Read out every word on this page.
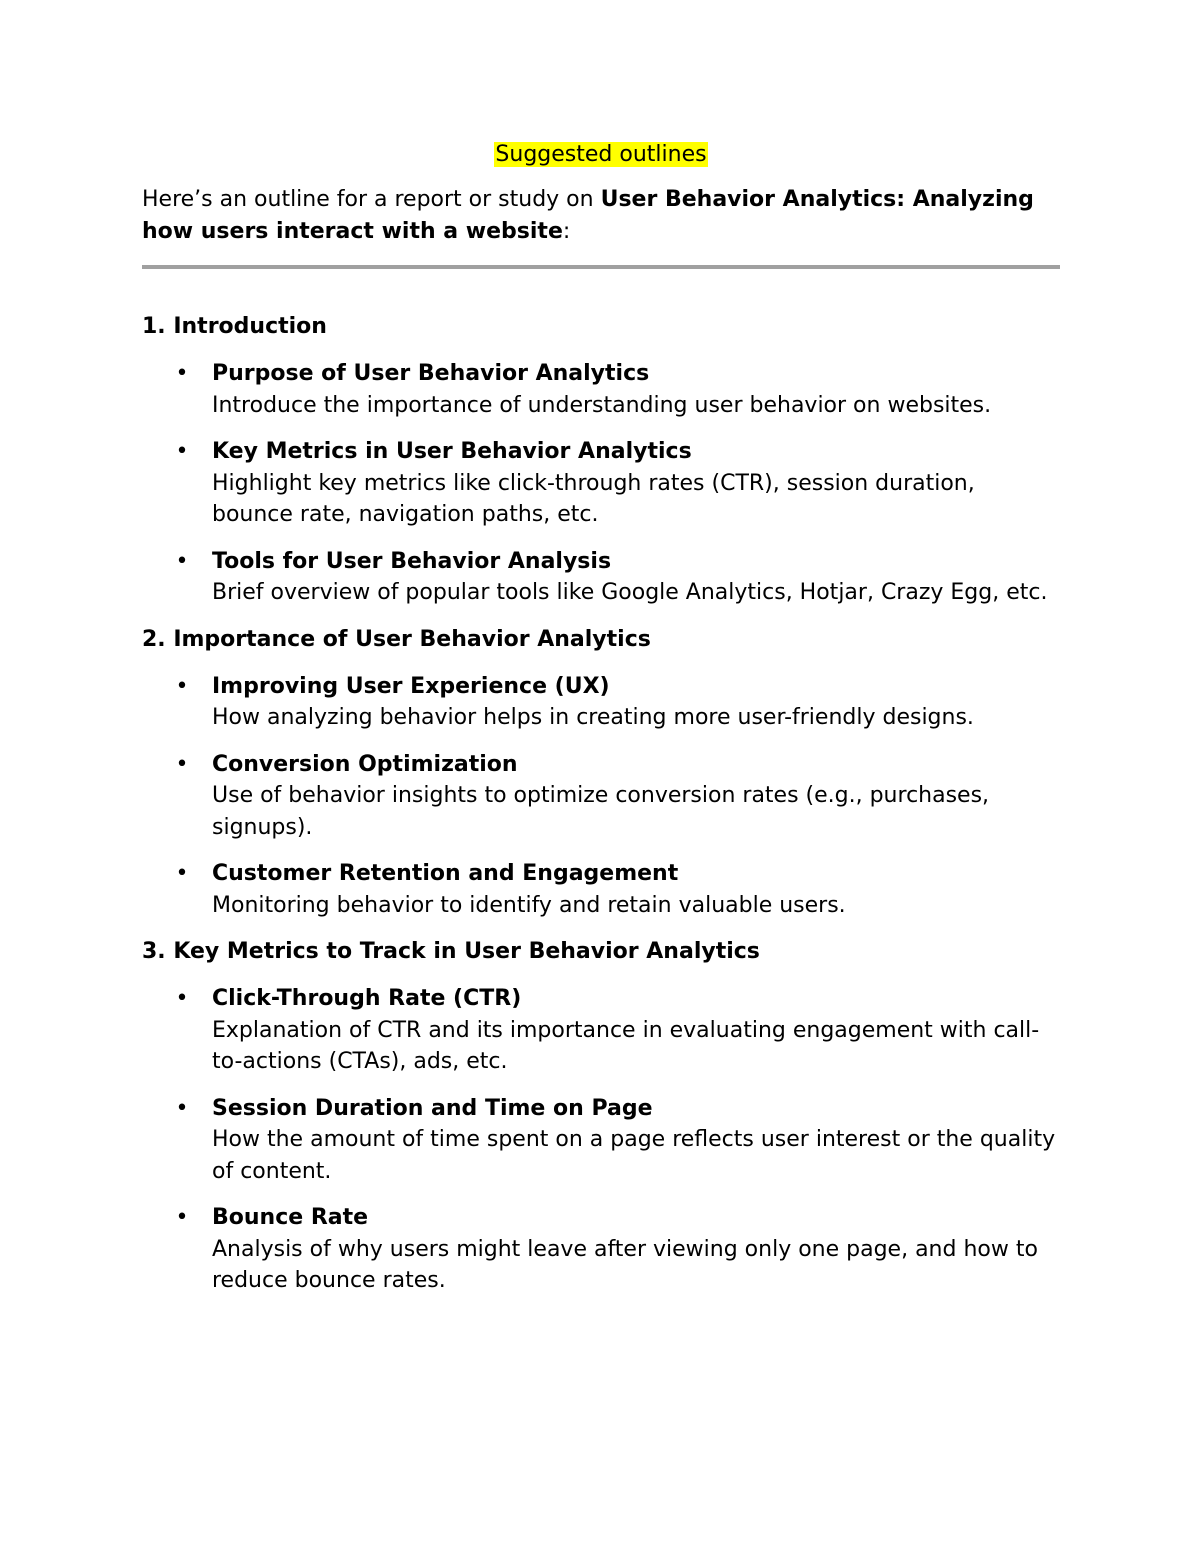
Suggested outlines

Here’s an outline for a report or study on User Behavior Analytics: Analyzing how users interact with a website:

1. Introduction
• Purpose of User Behavior Analytics
Introduce the importance of understanding user behavior on websites.
• Key Metrics in User Behavior Analytics
Highlight key metrics like click-through rates (CTR), session duration, bounce rate, navigation paths, etc.
• Tools for User Behavior Analysis
Brief overview of popular tools like Google Analytics, Hotjar, Crazy Egg, etc.
2. Importance of User Behavior Analytics
• Improving User Experience (UX)
How analyzing behavior helps in creating more user-friendly designs.
• Conversion Optimization
Use of behavior insights to optimize conversion rates (e.g., purchases, signups).
• Customer Retention and Engagement
Monitoring behavior to identify and retain valuable users.
3. Key Metrics to Track in User Behavior Analytics
• Click-Through Rate (CTR)
Explanation of CTR and its importance in evaluating engagement with call-to-actions (CTAs), ads, etc.
• Session Duration and Time on Page
How the amount of time spent on a page reflects user interest or the quality of content.
• Bounce Rate
Analysis of why users might leave after viewing only one page, and how to reduce bounce rates.
